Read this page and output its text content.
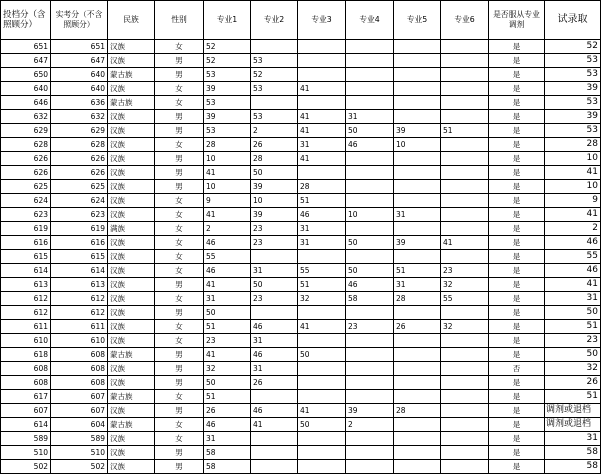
投档分（含照顾分）	实考分（不含照顾分）	民族	性别	专业1	专业2	专业3	专业4	专业5	专业6	是否服从专业调剂	试录取
651	651	汉族	女	52						是	52
647	647	汉族	男	52	53					是	53
650	640	蒙古族	男	53	52					是	53
640	640	汉族	女	39	53	41				是	39
646	636	蒙古族	女	53						是	53
632	632	汉族	男	39	53	41	31			是	39
629	629	汉族	男	53	2	41	50	39	51	是	53
628	628	汉族	女	28	26	31	46	10		是	28
626	626	汉族	男	10	28	41				是	10
626	626	汉族	男	41	50					是	41
625	625	汉族	男	10	39	28				是	10
624	624	汉族	女	9	10	51				是	9
623	623	汉族	女	41	39	46	10	31		是	41
619	619	满族	女	2	23	31				是	2
616	616	汉族	女	46	23	31	50	39	41	是	46
615	615	汉族	女	55						是	55
614	614	汉族	女	46	31	55	50	51	23	是	46
613	613	汉族	男	41	50	51	46	31	32	是	41
612	612	汉族	女	31	23	32	58	28	55	是	31
612	612	汉族	男	50						是	50
611	611	汉族	女	51	46	41	23	26	32	是	51
610	610	汉族	女	23	31					是	23
618	608	蒙古族	男	41	46	50				是	50
608	608	汉族	男	32	31					否	32
608	608	汉族	男	50	26					是	26
617	607	蒙古族	女	51						是	51
607	607	汉族	男	26	46	41	39	28		是	调剂或退档
614	604	蒙古族	女	46	41	50	2			是	调剂或退档
589	589	汉族	女	31						是	31
510	510	汉族	男	58						是	58
502	502	汉族	男	58						是	58
